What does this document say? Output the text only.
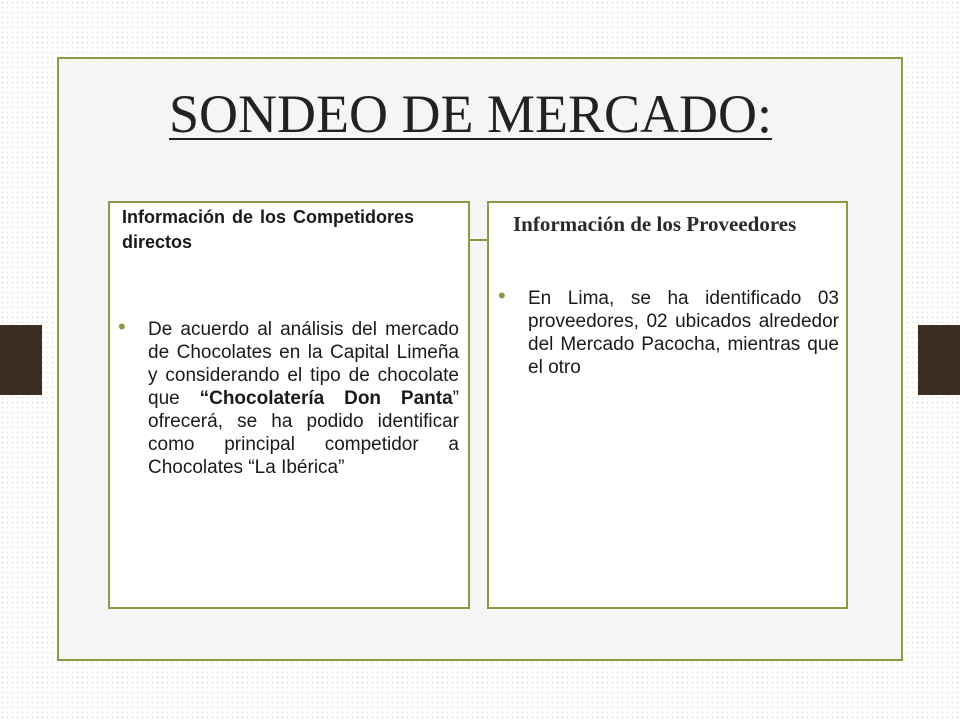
SONDEO DE MERCADO:

Información de los Competidores directos

Información de los Proveedores

• De acuerdo al análisis del mercado de Chocolates en la Capital Limeña y considerando el tipo de chocolate que “Chocolatería Don Panta” ofrecerá, se ha podido identificar como principal competidor a Chocolates “La Ibérica”
• En Lima, se ha identificado 03 proveedores, 02 ubicados alrededor del Mercado Pacocha, mientras que el otro
